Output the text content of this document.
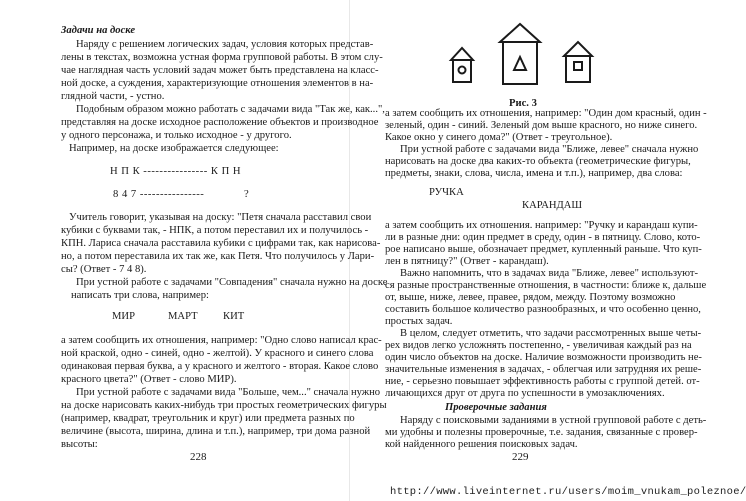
Задачи на доске
Наряду с решением логических задач, условия которых представ-
лены в текстах, возможна устная форма групповой работы. В этом слу-
чае наглядная часть условий задач может быть представлена на класс-
ной доске, а суждения, характеризующие отношения элементов в на-
глядной части, - устно.
Подобным образом можно работать с задачами вида "Так же, как...",
представляя на доске исходное расположение объектов и производное
у одного персонажа, и только исходное - у другого.
Например, на доске изображается следующее:
Н П К ---------------- К П Н
8 4 7 ----------------	?
Учитель говорит, указывая на доску: "Петя сначала расставил свои
кубики с буквами так, - НПК, а потом переставил их и получилось -
КПН. Лариса сначала расставила кубики с цифрами так, как нарисова-
но, а потом переставила их так же, как Петя. Что получилось у Лари-
сы? (Ответ - 7 4 8).
При устной работе с задачами "Совпадения" сначала нужно на доске
написать три слова, например:
МИР	МАРТ КИТ
а затем сообщить их отношения, например: "Одно слово написал крас-
ной краской, одно - синей, одно - желтой). У красного и синего слова
одинаковая первая буква, а у красного и желтого - вторая. Какое слово
красного цвета?" (Ответ - слово МИР).
При устной работе с задачами вида "Больше, чем..." сначала нужно
на доске нарисовать каких-нибудь три простых геометрических фигуры
(например, квадрат, треугольник и круг) или предмета разных по
величине (высота, ширина, длина и т.п.), например, три дома разной
высоты:
228
Рис. 3
а затем сообщить их отношения, например: "Один дом красный, один -
зеленый, один - синий. Зеленый дом выше красного, но ниже синего.
Какое окно у синего дома?" (Ответ - треугольное).
При устной работе с задачами вида "Ближе, левее" сначала нужно
нарисовать на доске два каких-то объекта (геометрические фигуры,
предметы, знаки, слова, числа, имена и т.п.), например, два слова:
РУЧКА
КАРАНДАШ
а затем сообщить их отношения. например: "Ручку и карандаш купи-
ли в разные дни: один предмет в среду, один - в пятницу. Слово, кото-
рое написано выше, обозначает предмет, купленный раньше. Что куп-
лен в пятницу?" (Ответ - карандаш).
Важно напомнить, что в задачах вида "Ближе, левее" используют-
ся разные пространственные отношения, в частности: ближе к, дальше
от, выше, ниже, левее, правее, рядом, между. Поэтому возможно
составить большое количество разнообразных, и что особенно ценно,
простых задач.
В целом, следует отметить, что задачи рассмотренных выше четы-
рех видов легко усложнять постепенно, - увеличивая каждый раз на
один число объектов на доске. Наличие возможности производить не-
значительные изменения в задачах, - облегчая или затрудняя их реше-
ние, - серьезно повышает эффективность работы с группой детей. от-
личающихся друг от друга по успешности в умозаключениях.
Проверочные задания
Наряду с поисковыми заданиями в устной групповой работе с деть-
ми удобны и полезны проверочные, т.е. задания, связанные с провер-
кой найденного решения поисковых задач.
229
http://www.liveinternet.ru/users/moim_vnukam_poleznoe/
